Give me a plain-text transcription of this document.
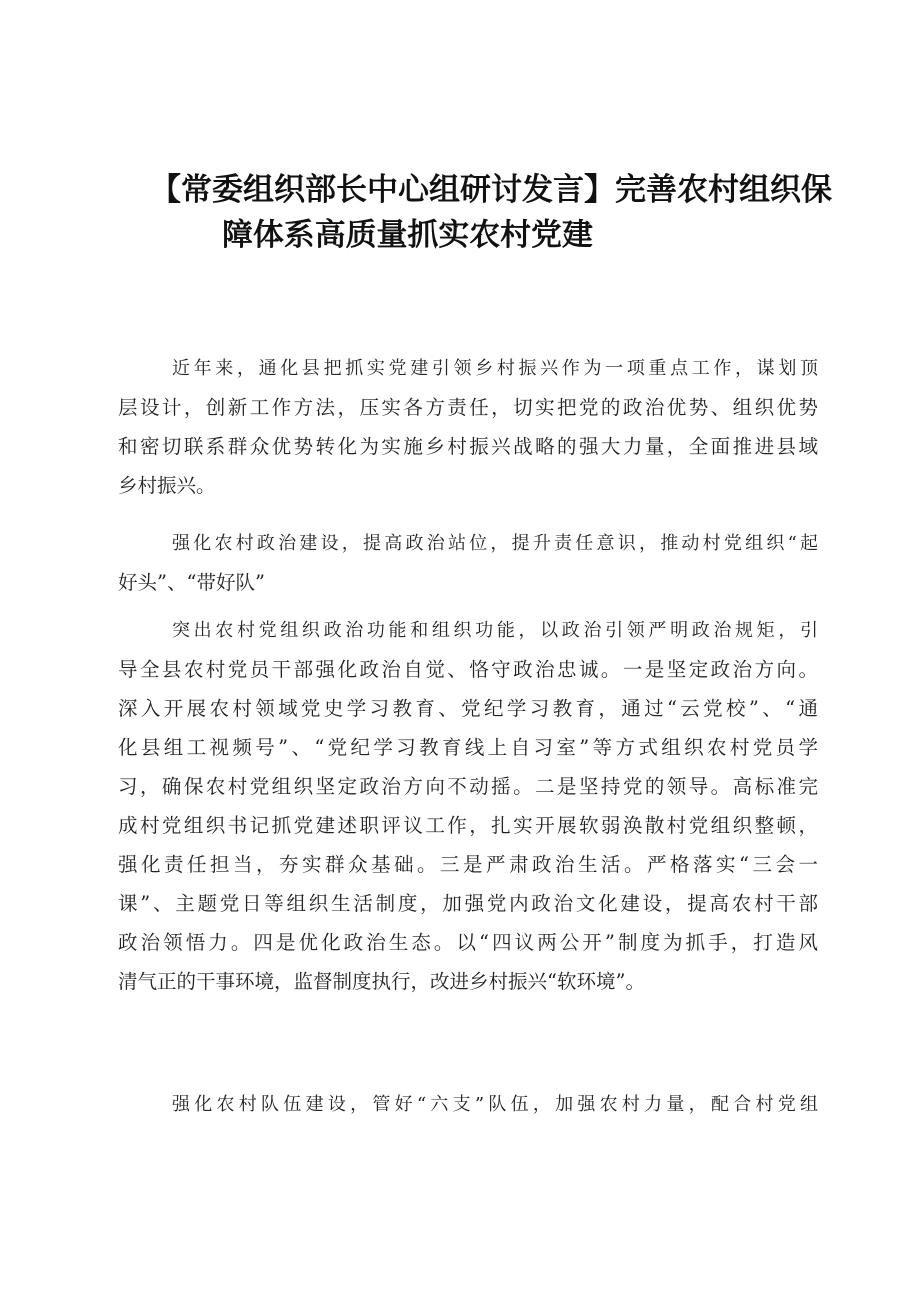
【常委组织部长中心组研讨发言】完善农村组织保
障体系高质量抓实农村党建
近年来，通化县把抓实党建引领乡村振兴作为一项重点工作，谋划顶
层设计，创新工作方法，压实各方责任，切实把党的政治优势、组织优势
和密切联系群众优势转化为实施乡村振兴战略的强大力量，全面推进县域
乡村振兴。
强化农村政治建设，提高政治站位，提升责任意识，推动村党组织“起
好头”、“带好队”
突出农村党组织政治功能和组织功能，以政治引领严明政治规矩，引
导全县农村党员干部强化政治自觉、恪守政治忠诚。一是坚定政治方向。
深入开展农村领域党史学习教育、党纪学习教育，通过“云党校”、“通
化县组工视频号”、“党纪学习教育线上自习室”等方式组织农村党员学
习，确保农村党组织坚定政治方向不动摇。二是坚持党的领导。高标准完
成村党组织书记抓党建述职评议工作，扎实开展软弱涣散村党组织整顿，
强化责任担当，夯实群众基础。三是严肃政治生活。严格落实“三会一
课”、主题党日等组织生活制度，加强党内政治文化建设，提高农村干部
政治领悟力。四是优化政治生态。以“四议两公开”制度为抓手，打造风
清气正的干事环境，监督制度执行，改进乡村振兴“软环境”。
强化农村队伍建设，管好“六支”队伍，加强农村力量，配合村党组
